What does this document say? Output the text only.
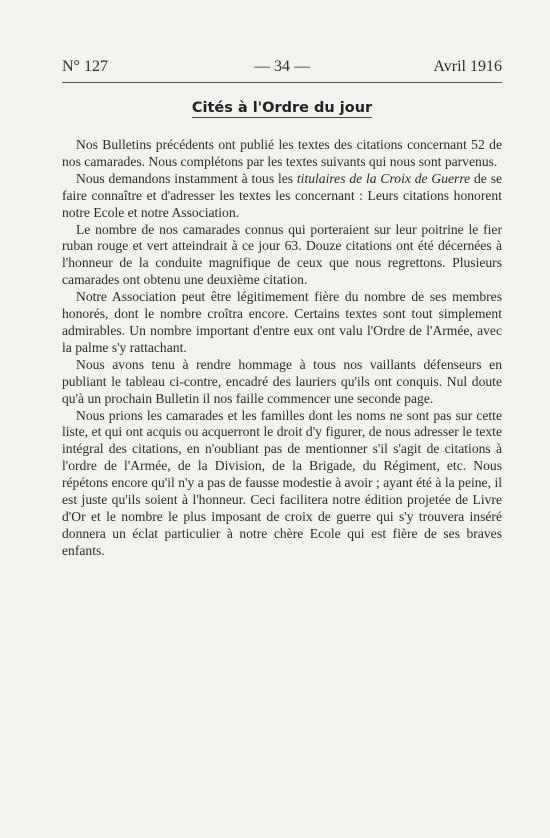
N° 127	— 34 —	Avril 1916
Cités à l'Ordre du jour

Nos Bulletins précédents ont publié les textes des citations concernant 52 de nos camarades. Nous complétons par les textes suivants qui nous sont parvenus.

Nous demandons instamment à tous les titulaires de la Croix de Guerre de se faire connaître et d'adresser les textes les concernant : Leurs citations honorent notre Ecole et notre Association.

Le nombre de nos camarades connus qui porteraient sur leur poitrine le fier ruban rouge et vert atteindrait à ce jour 63. Douze citations ont été décernées à l'honneur de la conduite magnifique de ceux que nous regrettons. Plusieurs camarades ont obtenu une deuxième citation.

Notre Association peut être légitimement fière du nombre de ses membres honorés, dont le nombre croîtra encore. Certains textes sont tout simplement admirables. Un nombre important d'entre eux ont valu l'Ordre de l'Armée, avec la palme s'y rattachant.

Nous avons tenu à rendre hommage à tous nos vaillants défenseurs en publiant le tableau ci-contre, encadré des lauriers qu'ils ont conquis. Nul doute qu'à un prochain Bulletin il nos faille commencer une seconde page.

Nous prions les camarades et les familles dont les noms ne sont pas sur cette liste, et qui ont acquis ou acquerront le droit d'y figurer, de nous adresser le texte intégral des citations, en n'oubliant pas de mentionner s'il s'agit de citations à l'ordre de l'Armée, de la Division, de la Brigade, du Régiment, etc. Nous répétons encore qu'il n'y a pas de fausse modestie à avoir ; ayant été à la peine, il est juste qu'ils soient à l'honneur. Ceci facilitera notre édition projetée de Livre d'Or et le nombre le plus imposant de croix de guerre qui s'y trouvera inséré donnera un éclat particulier à notre chère Ecole qui est fière de ses braves enfants.
